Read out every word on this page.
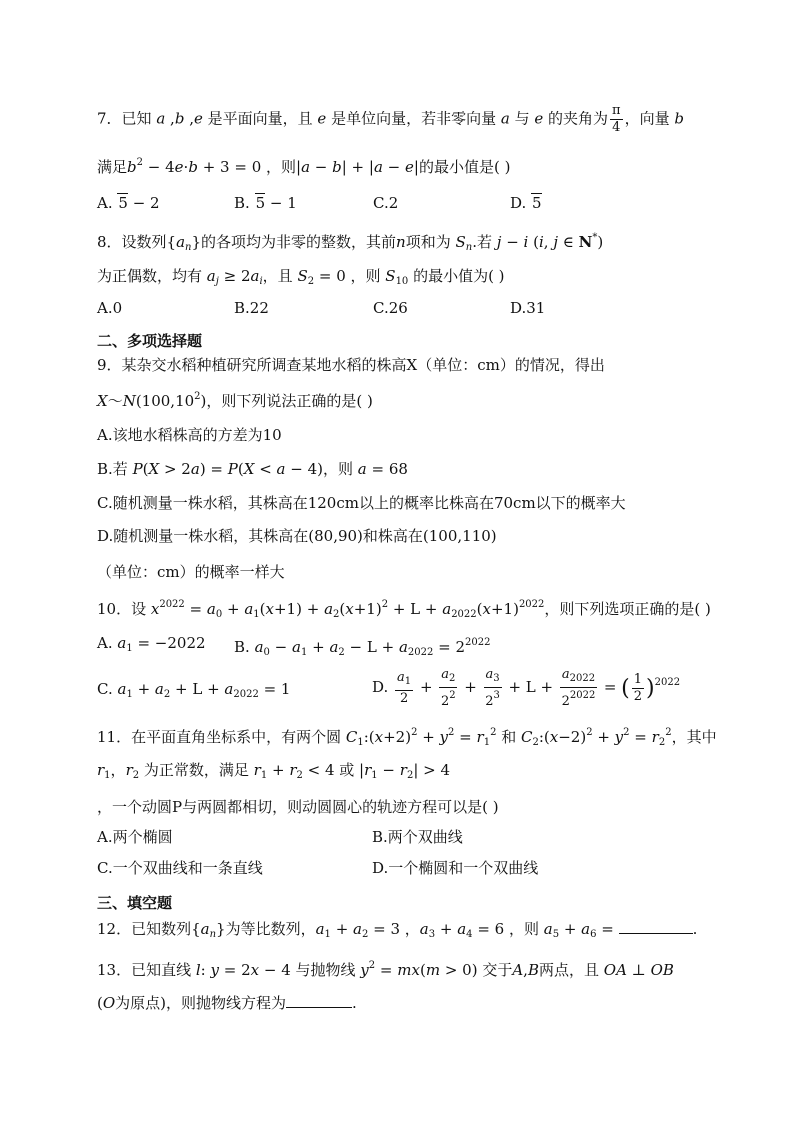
7．已知 a ,b ,e 是平面向量，且 e 是单位向量，若非零向量 a 与 e 的夹角为 $\frac{\pi}{4}$ ，向量 b
满足$b^2 - 4e\cdot b + 3 = 0$ ，则|a − b| + |a − e|的最小值是( )
A. 5 − 2	B. 5 − 1	C.2	D. 5
8．设数列$\{a_n\}$的各项均为非零的整数，其前n项和为 $S_n$.若 j − i (i, j ∈ N*)
为正偶数，均有 $a_j \ge 2a_i$，且 $S_2 = 0$ ，则 $S_{10}$ 的最小值为( )
A.0	B.22	C.26	D.31
二、多项选择题
9．某杂交水稻种植研究所调查某地水稻的株高X（单位：cm）的情况，得出
X～N(100,10$^2$)，则下列说法正确的是( )
A.该地水稻株高的方差为10
B.若 P(X > 2a) = P(X < a − 4)，则 a = 68
C.随机测量一株水稻，其株高在120cm以上的概率比株高在70cm以下的概率大
D.随机测量一株水稻，其株高在(80,90)和株高在(100,110)
（单位：cm）的概率一样大
10．设 $x^{2022} = a_0 + a_1(x+1) + a_2(x+1)^2 + L + a_{2022}(x+1)^{2022}$，则下列选项正确的是( )
A. $a_1 = -2022$ B. $a_0 - a_1 + a_2 - L + a_{2022} = 2^{2022}$
C. $a_1 + a_2 + L + a_{2022} = 1$	D. $\frac{a_1}{2} + \frac{a_2}{2^2} + \frac{a_3}{2^3} + L + \frac{a_{2022}}{2^{2022}}$ = ( $\frac{1}{2} )^{2022}$
11．在平面直角坐标系中，有两个圆 $C_1:(x+2)^2 + y^2 = r_1^2$ 和 $C_2:(x-2)^2 + y^2 = r_2^2$，其中
$r_1$，$r_2$ 为正常数，满足 $r_1 + r_2 < 4$ 或 $|r_1 - r_2| > 4$
，一个动圆P与两圆都相切，则动圆圆心的轨迹方程可以是( )
A.两个椭圆	B.两个双曲线
C.一个双曲线和一条直线	D.一个椭圆和一个双曲线
三、填空题
12．已知数列$\{a_n\}$为等比数列，$a_1 + a_2 = 3$ ，$a_3 + a_4 = 6$ ，则 $a_5 + a_6$ =	.
13．已知直线 l: y = 2x − 4 与抛物线 $y^2 = mx(m > 0)$ 交于A,B两点，且 OA ⊥ OB
(O为原点)，则抛物线方程为	.
